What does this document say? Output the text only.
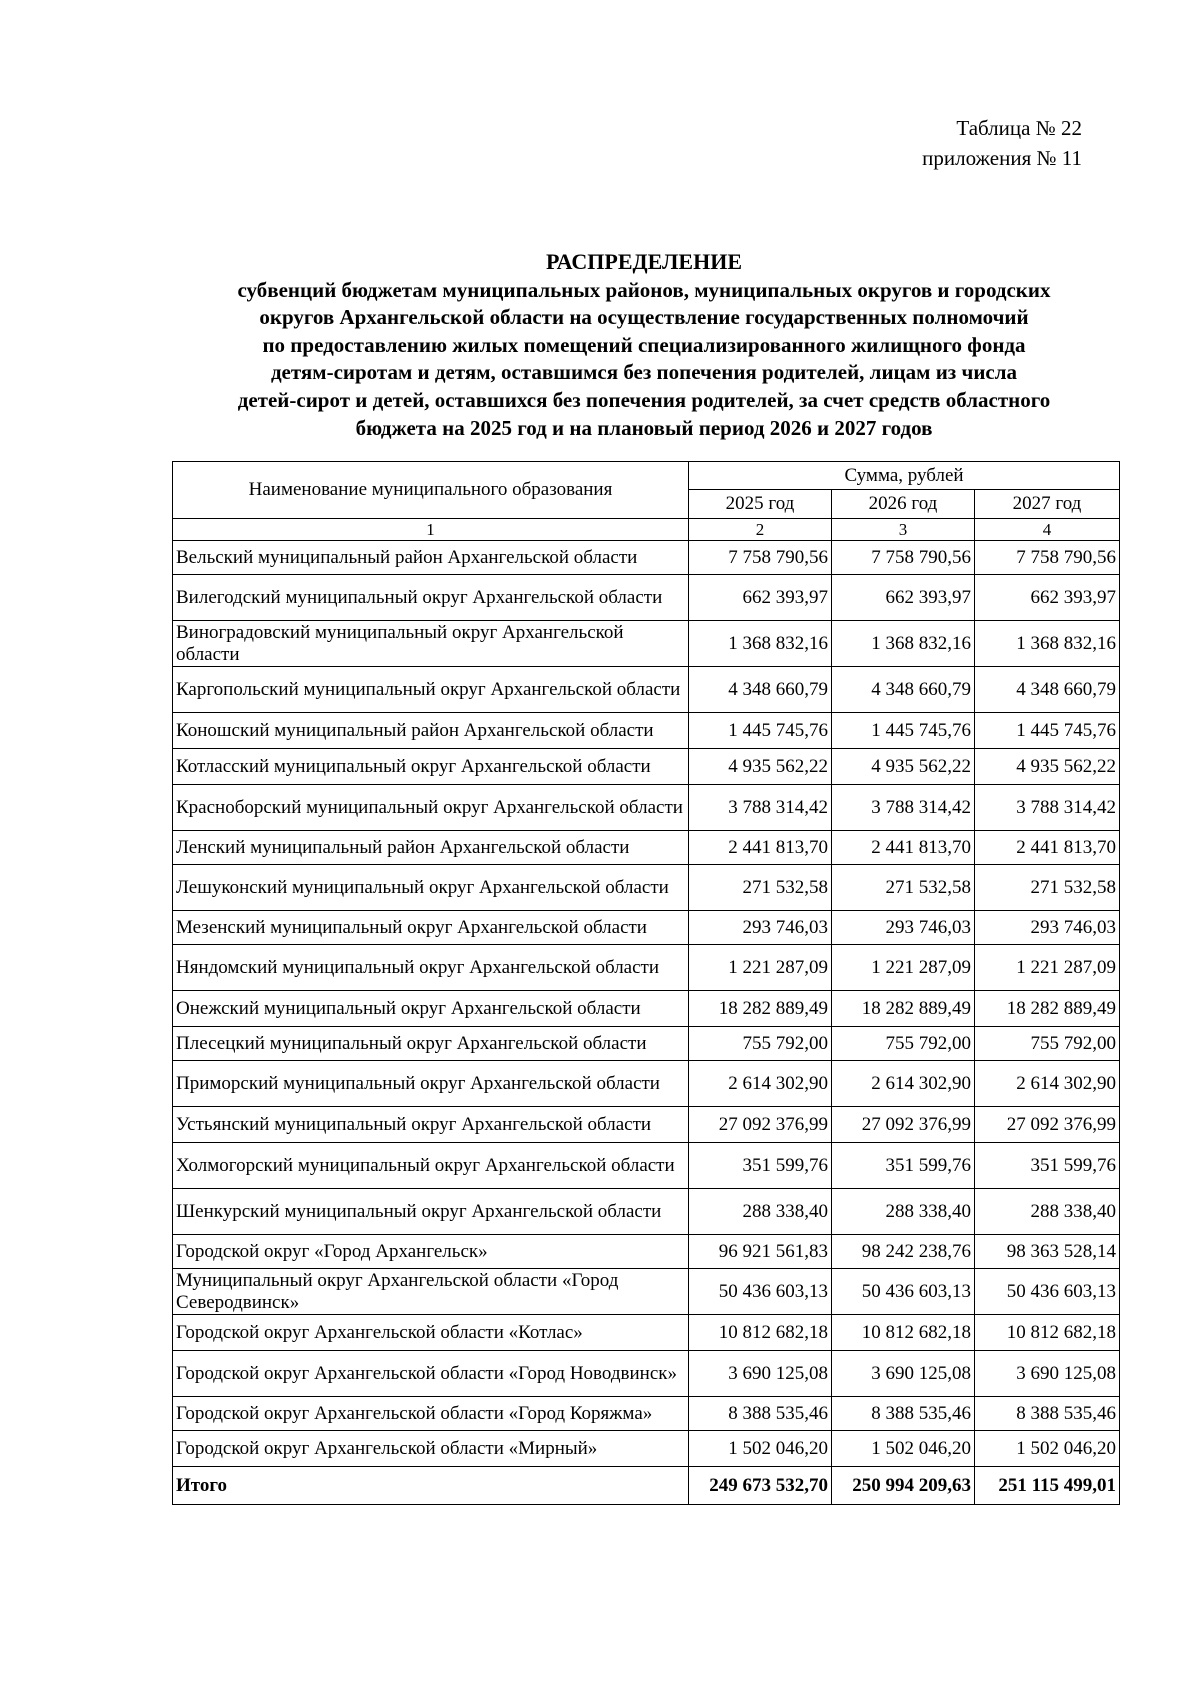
Таблица № 22
приложения № 11
РАСПРЕДЕЛЕНИЕ
субвенций бюджетам муниципальных районов, муниципальных округов и городских
округов Архангельской области на осуществление государственных полномочий
по предоставлению жилых помещений специализированного жилищного фонда
детям-сиротам и детям, оставшимся без попечения родителей, лицам из числа
детей-сирот и детей, оставшихся без попечения родителей, за счет средств областного
бюджета на 2025 год и на плановый период 2026 и 2027 годов
Наименование муниципального образования	Сумма, рублей		
	2025 год	2026 год	2027 год
1	2	3	4
Вельский муниципальный район Архангельской области	7 758 790,56	7 758 790,56	7 758 790,56
Вилегодский муниципальный округ Архангельской области	662 393,97	662 393,97	662 393,97
Виноградовский муниципальный округ Архангельской области	1 368 832,16	1 368 832,16	1 368 832,16
Каргопольский муниципальный округ Архангельской области	4 348 660,79	4 348 660,79	4 348 660,79
Коношский муниципальный район Архангельской области	1 445 745,76	1 445 745,76	1 445 745,76
Котласский муниципальный округ Архангельской области	4 935 562,22	4 935 562,22	4 935 562,22
Красноборский муниципальный округ Архангельской области	3 788 314,42	3 788 314,42	3 788 314,42
Ленский муниципальный район Архангельской области	2 441 813,70	2 441 813,70	2 441 813,70
Лешуконский муниципальный округ Архангельской области	271 532,58	271 532,58	271 532,58
Мезенский муниципальный округ Архангельской области	293 746,03	293 746,03	293 746,03
Няндомский муниципальный округ Архангельской области	1 221 287,09	1 221 287,09	1 221 287,09
Онежский муниципальный округ Архангельской области	18 282 889,49	18 282 889,49	18 282 889,49
Плесецкий муниципальный округ Архангельской области	755 792,00	755 792,00	755 792,00
Приморский муниципальный округ Архангельской области	2 614 302,90	2 614 302,90	2 614 302,90
Устьянский муниципальный округ Архангельской области	27 092 376,99	27 092 376,99	27 092 376,99
Холмогорский муниципальный округ Архангельской области	351 599,76	351 599,76	351 599,76
Шенкурский муниципальный округ Архангельской области	288 338,40	288 338,40	288 338,40
Городской округ «Город Архангельск»	96 921 561,83	98 242 238,76	98 363 528,14
Муниципальный округ Архангельской области «Город Северодвинск»	50 436 603,13	50 436 603,13	50 436 603,13
Городской округ Архангельской области «Котлас»	10 812 682,18	10 812 682,18	10 812 682,18
Городской округ Архангельской области «Город Новодвинск»	3 690 125,08	3 690 125,08	3 690 125,08
Городской округ Архангельской области «Город Коряжма»	8 388 535,46	8 388 535,46	8 388 535,46
Городской округ Архангельской области «Мирный»	1 502 046,20	1 502 046,20	1 502 046,20
Итого	249 673 532,70	250 994 209,63	251 115 499,01
